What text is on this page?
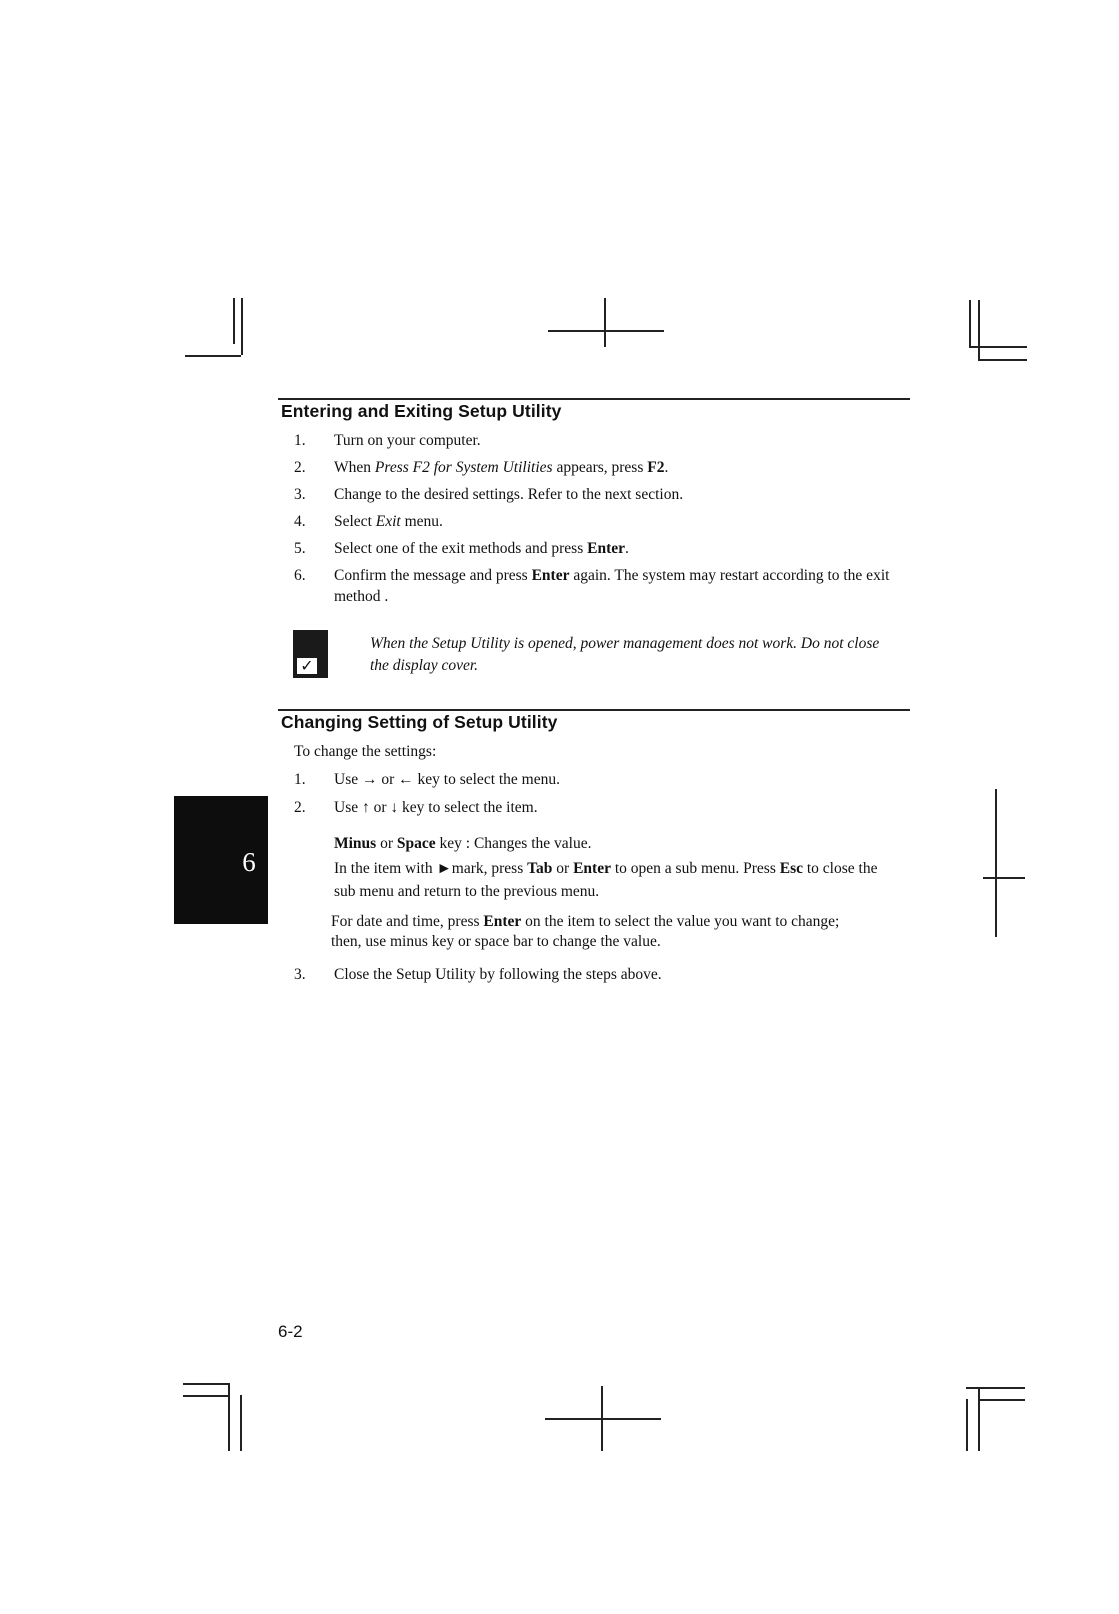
Entering and Exiting Setup Utility
1.	Turn on your computer.
2.	When Press F2 for System Utilities appears, press F2.
3.	Change to the desired settings. Refer to the next section.
4.	Select Exit menu.
5.	Select one of the exit methods and press Enter.
6.	Confirm the message and press Enter again. The system may restart according to the exit method .
✓
When the Setup Utility is opened, power management does not work. Do not close the display cover.
Changing Setting of Setup Utility
To change the settings:
1.	Use → or ← key to select the menu.
2.	Use ↑ or ↓ key to select the item.
Minus or Space key : Changes the value.
In the item with ►mark, press Tab or Enter to open a sub menu. Press Esc to close the sub menu and return to the previous menu.
For date and time, press Enter on the item to select the value you want to change; then, use minus key or space bar to change the value.
3.	Close the Setup Utility by following the steps above.
6
6-2
